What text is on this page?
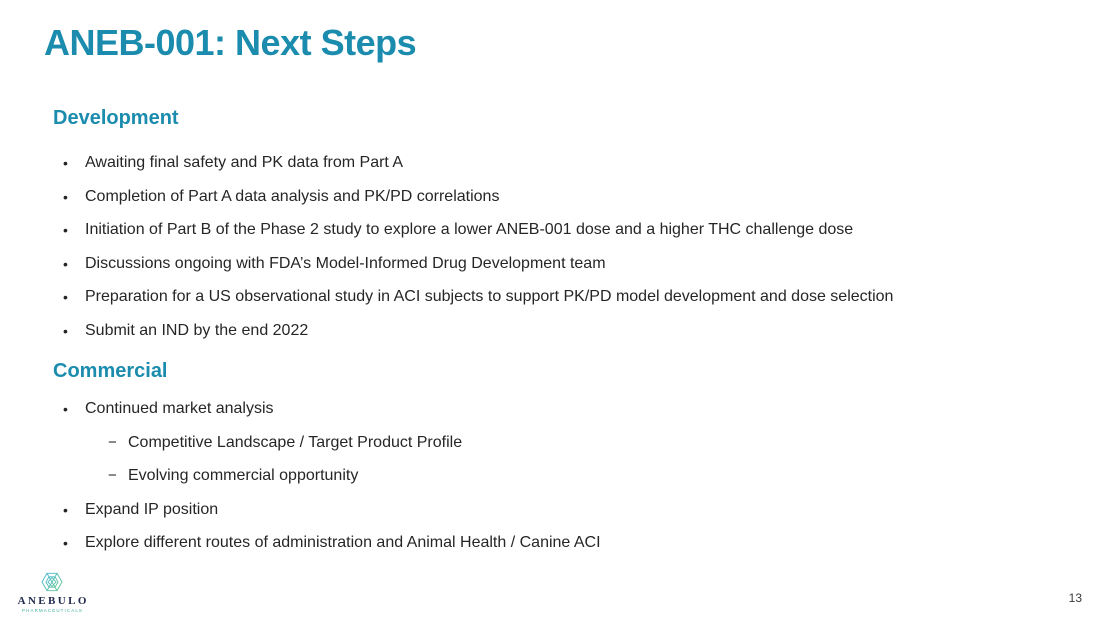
ANEB-001: Next Steps
Development
• Awaiting final safety and PK data from Part A
• Completion of Part A data analysis and PK/PD correlations
• Initiation of Part B of the Phase 2 study to explore a lower ANEB-001 dose and a higher THC challenge dose
• Discussions ongoing with FDA’s Model-Informed Drug Development team
• Preparation for a US observational study in ACI subjects to support PK/PD model development and dose selection
• Submit an IND by the end 2022
Commercial
• Continued market analysis
− Competitive Landscape / Target Product Profile
− Evolving commercial opportunity
• Expand IP position
• Explore different routes of administration and Animal Health / Canine ACI
ANEBULO
PHARMACEUTICALS
13
